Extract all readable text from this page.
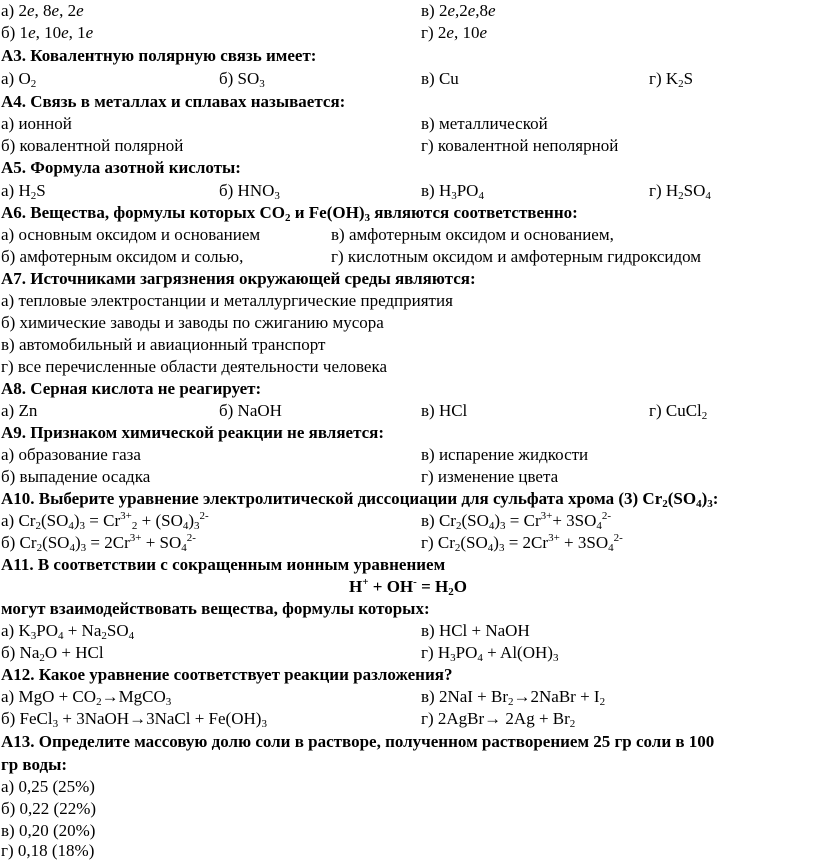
а) 2е, 8е, 2е	в) 2е,2е,8е
б) 1е, 10е, 1е	г) 2е, 10е
А3. Ковалентную полярную связь имеет:
а) $O_2$	б) $SO_3$	в) Cu	г) $K_2S$
А4. Связь в металлах и сплавах называется:
а) ионной	в) металлической
б) ковалентной полярной	г) ковалентной неполярной
А5. Формула азотной кислоты:
а) $H_2S$	б) $HNO_3$	в) $H_3PO_4$	г) $H_2SO_4$
А6. Вещества, формулы которых $CO_2$ и $Fe(OH)_3$ являются соответственно:
а) основным оксидом и основанием	в) амфотерным оксидом и основанием,
б) амфотерным оксидом и солью,	г) кислотным оксидом и амфотерным гидроксидом
А7. Источниками загрязнения окружающей среды являются:
а) тепловые электростанции и металлургические предприятия
б) химические заводы и заводы по сжиганию мусора
в) автомобильный и авиационный транспорт
г) все перечисленные области деятельности человека
А8. Серная кислота не реагирует:
а) Zn	б) NaOH	в) HCl	г) CuCl$_2$
А9. Признаком химической реакции не является:
а) образование газа	в) испарение жидкости
б) выпадение осадка	г) изменение цвета
А10. Выберите уравнение электролитической диссоциации для сульфата хрома (3) $Cr_2(SO_4)_3$:
а) $Cr_2(SO_4)_3 = Cr^{3+}_2 + (SO_4)_3^{2-}$	в) $Cr_2(SO_4)_3 = Cr^{3+}+ 3SO_4^{2-}$
б) $Cr_2(SO_4)_3 = 2Cr^{3+} + SO_4^{2-}$	г) $Cr_2(SO_4)_3 = 2Cr^{3+} + 3SO_4^{2-}$
А11. В соответствии с сокращенным ионным уравнением
$H^+ + OH^- = H_2O$
могут взаимодействовать вещества, формулы которых:
а) $K_3PO_4 + Na_2SO_4$	в) HCl + NaOH
б) $Na_2O$ + HCl	г) $H_3PO_4 + Al(OH)_3$
А12. Какое уравнение соответствует реакции разложения?
а) MgO + $CO_2\to MgCO_3$	в) $2NaI + Br_2\to 2NaBr + I_2$
б) FeCl$_3$ + 3NaOH→3NaCl + $Fe(OH)_3$	г) 2AgBr→ $2Ag + Br_2$
А13. Определите массовую долю соли в растворе, полученном растворением 25 гр соли в 100
гр воды:
а) 0,25 (25%)
б) 0,22 (22%)
в) 0,20 (20%)
г) 0,18 (18%)
